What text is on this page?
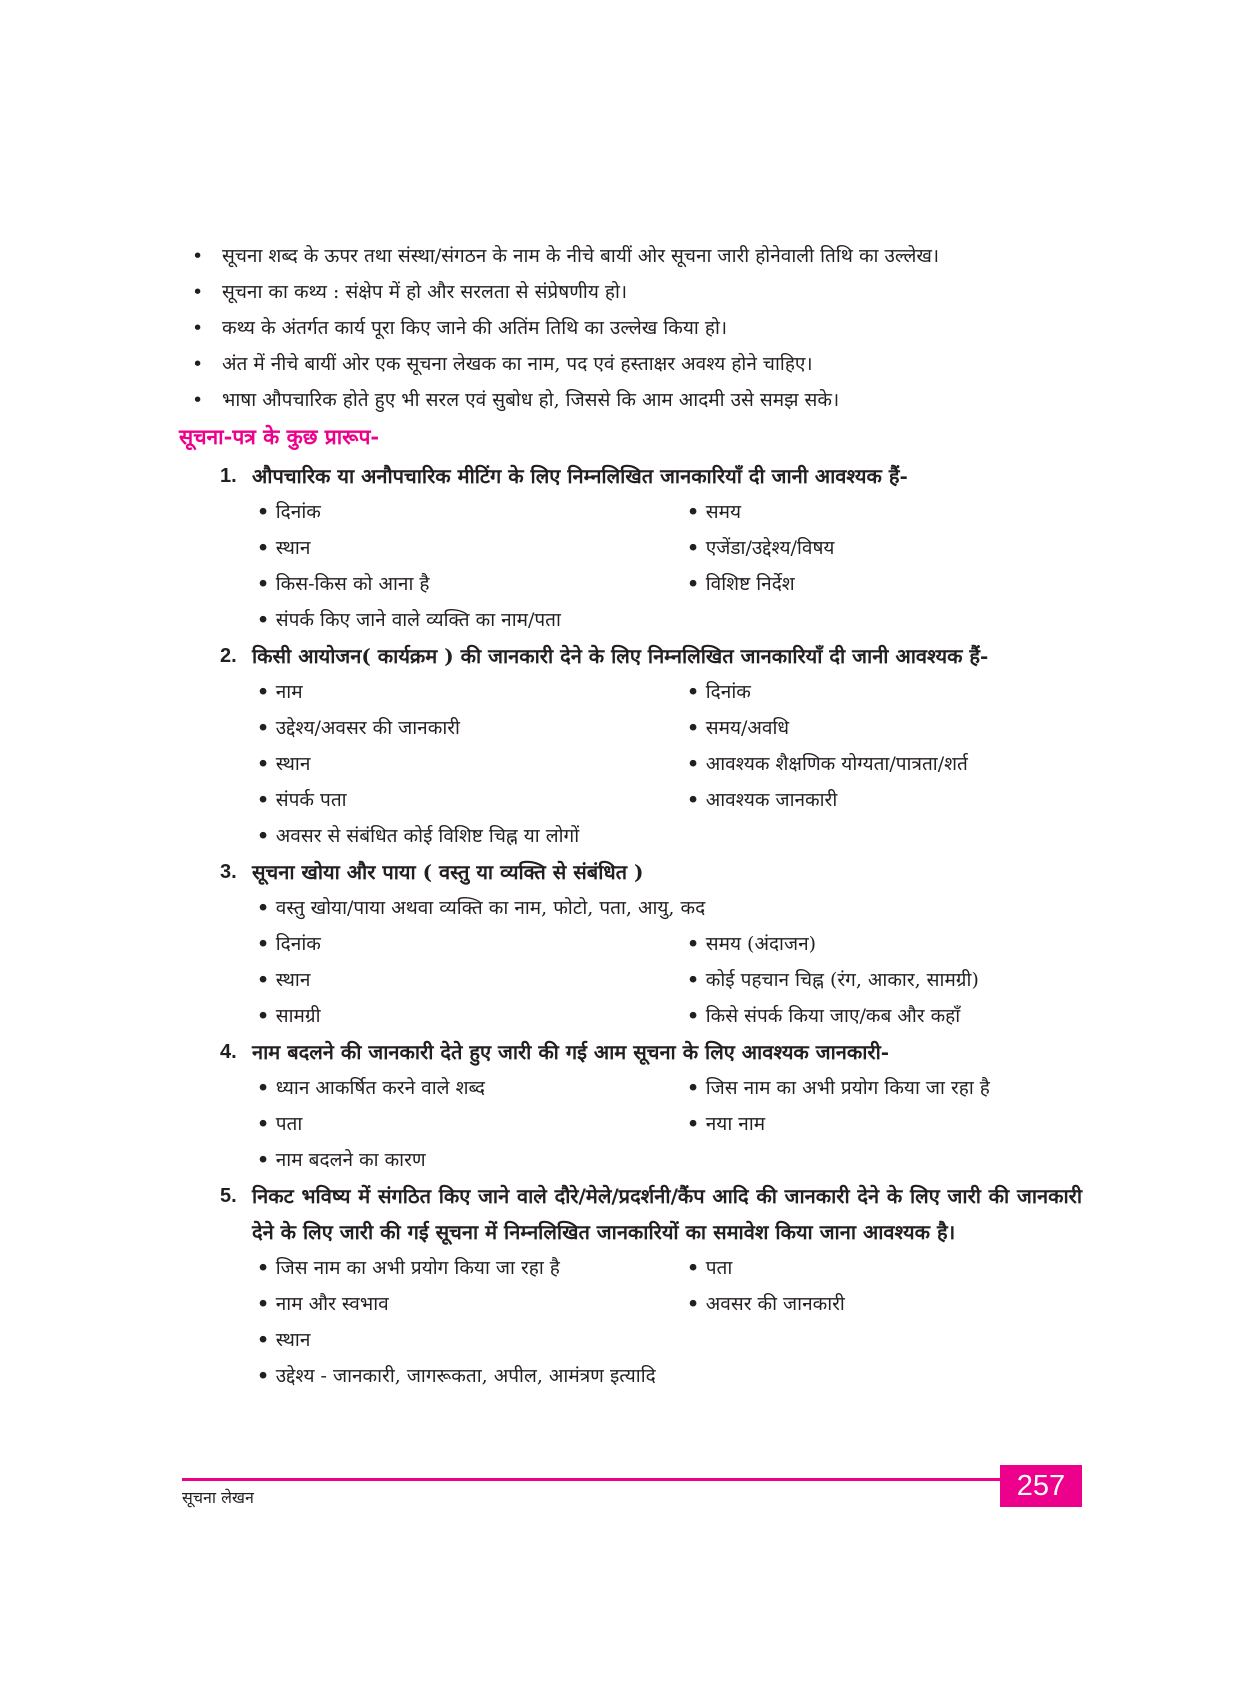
• सूचना शब्द के ऊपर तथा संस्था/संगठन के नाम के नीचे बायीं ओर सूचना जारी होनेवाली तिथि का उल्लेख।
• सूचना का कथ्य : संक्षेप में हो और सरलता से संप्रेषणीय हो।
• कथ्य के अंतर्गत कार्य पूरा किए जाने की अतिंम तिथि का उल्लेख किया हो।
• अंत में नीचे बायीं ओर एक सूचना लेखक का नाम, पद एवं हस्ताक्षर अवश्य होने चाहिए।
• भाषा औपचारिक होते हुए भी सरल एवं सुबोध हो, जिससे कि आम आदमी उसे समझ सके।
सूचना-पत्र के कुछ प्रारूप-
1. औपचारिक या अनौपचारिक मीटिंग के लिए निम्नलिखित जानकारियाँ दी जानी आवश्यक हैं-
• दिनांक	• समय
• स्थान	• एजेंडा/उद्देश्य/विषय
• किस-किस को आना है	• विशिष्ट निर्देश
• संपर्क किए जाने वाले व्यक्ति का नाम/पता
2. किसी आयोजन( कार्यक्रम ) की जानकारी देने के लिए निम्नलिखित जानकारियाँ दी जानी आवश्यक हैं-
• नाम	• दिनांक
• उद्देश्य/अवसर की जानकारी	• समय/अवधि
• स्थान	• आवश्यक शैक्षणिक योग्यता/पात्रता/शर्त
• संपर्क पता	• आवश्यक जानकारी
• अवसर से संबंधित कोई विशिष्ट चिह्न या लोगों
3. सूचना खोया और पाया ( वस्तु या व्यक्ति से संबंधित )
• वस्तु खोया/पाया अथवा व्यक्ति का नाम, फोटो, पता, आयु, कद
• दिनांक	• समय (अंदाजन)
• स्थान	• कोई पहचान चिह्न (रंग, आकार, सामग्री)
• सामग्री	• किसे संपर्क किया जाए/कब और कहाँ
4. नाम बदलने की जानकारी देते हुए जारी की गई आम सूचना के लिए आवश्यक जानकारी-
• ध्यान आकर्षित करने वाले शब्द	• जिस नाम का अभी प्रयोग किया जा रहा है
• पता	• नया नाम
• नाम बदलने का कारण
5. निकट भविष्य में संगठित किए जाने वाले दौरे/मेले/प्रदर्शनी/कैंप आदि की जानकारी देने के लिए जारी की जानकारी देने के लिए जारी की गई सूचना में निम्नलिखित जानकारियों का समावेश किया जाना आवश्यक है।
• जिस नाम का अभी प्रयोग किया जा रहा है	• पता
• नाम और स्वभाव	• अवसर की जानकारी
• स्थान
• उद्देश्य - जानकारी, जागरूकता, अपील, आमंत्रण इत्यादि
सूचना लेखन	257
